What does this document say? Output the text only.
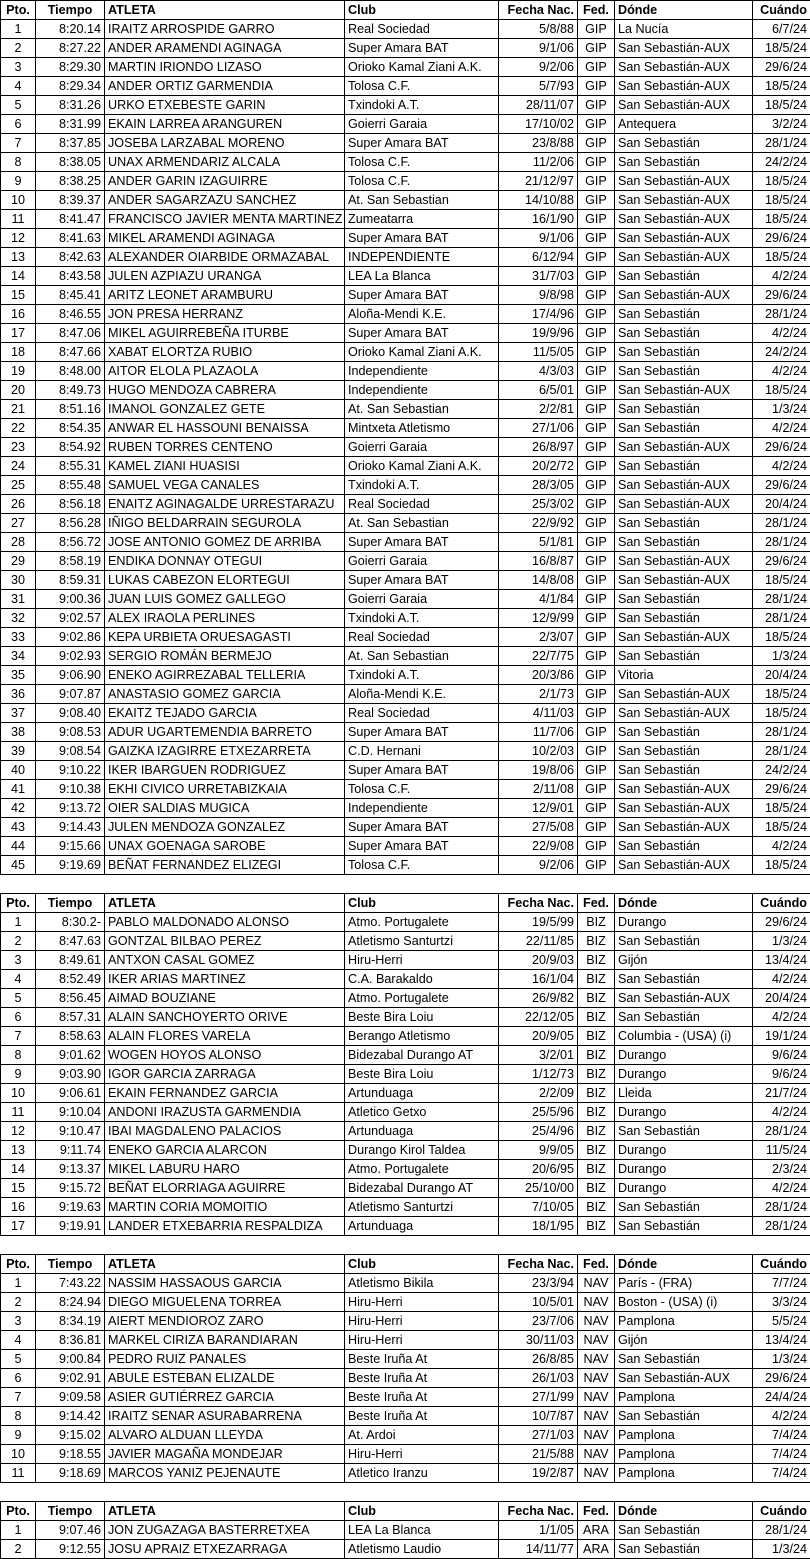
Pto.	Tiempo	ATLETA	Club	Fecha Nac.	Fed.	Dónde	Cuándo
1	8:20.14	IRAITZ ARROSPIDE GARRO	Real Sociedad	5/8/88	GIP	La Nucía	6/7/24
2	8:27.22	ANDER ARAMENDI AGINAGA	Super Amara BAT	9/1/06	GIP	San Sebastián-AUX	18/5/24
3	8:29.30	MARTIN IRIONDO LIZASO	Orioko Kamal Ziani A.K.	9/2/06	GIP	San Sebastián-AUX	29/6/24
4	8:29.34	ANDER ORTIZ GARMENDIA	Tolosa C.F.	5/7/93	GIP	San Sebastián-AUX	18/5/24
5	8:31.26	URKO ETXEBESTE GARIN	Txindoki A.T.	28/11/07	GIP	San Sebastián-AUX	18/5/24
6	8:31.99	EKAIN LARREA ARANGUREN	Goierri Garaia	17/10/02	GIP	Antequera	3/2/24
7	8:37.85	JOSEBA LARZABAL MORENO	Super Amara BAT	23/8/88	GIP	San Sebastián	28/1/24
8	8:38.05	UNAX ARMENDARIZ ALCALA	Tolosa C.F.	11/2/06	GIP	San Sebastián	24/2/24
9	8:38.25	ANDER GARIN IZAGUIRRE	Tolosa C.F.	21/12/97	GIP	San Sebastián-AUX	18/5/24
10	8:39.37	ANDER SAGARZAZU SANCHEZ	At. San Sebastian	14/10/88	GIP	San Sebastián-AUX	18/5/24
11	8:41.47	FRANCISCO JAVIER MENTA MARTINEZ	Zumeatarra	16/1/90	GIP	San Sebastián-AUX	18/5/24
12	8:41.63	MIKEL ARAMENDI AGINAGA	Super Amara BAT	9/1/06	GIP	San Sebastián-AUX	29/6/24
13	8:42.63	ALEXANDER OIARBIDE ORMAZABAL	INDEPENDIENTE	6/12/94	GIP	San Sebastián-AUX	18/5/24
14	8:43.58	JULEN AZPIAZU URANGA	LEA La Blanca	31/7/03	GIP	San Sebastián	4/2/24
15	8:45.41	ARITZ LEONET ARAMBURU	Super Amara BAT	9/8/98	GIP	San Sebastián-AUX	29/6/24
16	8:46.55	JON PRESA HERRANZ	Aloña-Mendi K.E.	17/4/96	GIP	San Sebastián	28/1/24
17	8:47.06	MIKEL AGUIRREBEÑA ITURBE	Super Amara BAT	19/9/96	GIP	San Sebastián	4/2/24
18	8:47.66	XABAT ELORTZA RUBIO	Orioko Kamal Ziani A.K.	11/5/05	GIP	San Sebastián	24/2/24
19	8:48.00	AITOR ELOLA PLAZAOLA	Independiente	4/3/03	GIP	San Sebastián	4/2/24
20	8:49.73	HUGO MENDOZA CABRERA	Independiente	6/5/01	GIP	San Sebastián-AUX	18/5/24
21	8:51.16	IMANOL GONZALEZ GETE	At. San Sebastian	2/2/81	GIP	San Sebastián	1/3/24
22	8:54.35	ANWAR EL HASSOUNI BENAISSA	Mintxeta Atletismo	27/1/06	GIP	San Sebastián	4/2/24
23	8:54.92	RUBEN TORRES CENTENO	Goierri Garaia	26/8/97	GIP	San Sebastián-AUX	29/6/24
24	8:55.31	KAMEL ZIANI HUASISI	Orioko Kamal Ziani A.K.	20/2/72	GIP	San Sebastián	4/2/24
25	8:55.48	SAMUEL VEGA CANALES	Txindoki A.T.	28/3/05	GIP	San Sebastián-AUX	29/6/24
26	8:56.18	ENAITZ AGINAGALDE URRESTARAZU	Real Sociedad	25/3/02	GIP	San Sebastián-AUX	20/4/24
27	8:56.28	IÑIGO BELDARRAIN SEGUROLA	At. San Sebastian	22/9/92	GIP	San Sebastián	28/1/24
28	8:56.72	JOSE ANTONIO GOMEZ DE ARRIBA	Super Amara BAT	5/1/81	GIP	San Sebastián	28/1/24
29	8:58.19	ENDIKA DONNAY OTEGUI	Goierri Garaia	16/8/87	GIP	San Sebastián-AUX	29/6/24
30	8:59.31	LUKAS CABEZON ELORTEGUI	Super Amara BAT	14/8/08	GIP	San Sebastián-AUX	18/5/24
31	9:00.36	JUAN LUIS GOMEZ GALLEGO	Goierri Garaia	4/1/84	GIP	San Sebastián	28/1/24
32	9:02.57	ALEX IRAOLA PERLINES	Txindoki A.T.	12/9/99	GIP	San Sebastián	28/1/24
33	9:02.86	KEPA URBIETA ORUESAGASTI	Real Sociedad	2/3/07	GIP	San Sebastián-AUX	18/5/24
34	9:02.93	SERGIO ROMÁN BERMEJO	At. San Sebastian	22/7/75	GIP	San Sebastián	1/3/24
35	9:06.90	ENEKO AGIRREZABAL TELLERIA	Txindoki A.T.	20/3/86	GIP	Vitoria	20/4/24
36	9:07.87	ANASTASIO GOMEZ GARCIA	Aloña-Mendi K.E.	2/1/73	GIP	San Sebastián-AUX	18/5/24
37	9:08.40	EKAITZ TEJADO GARCIA	Real Sociedad	4/11/03	GIP	San Sebastián-AUX	18/5/24
38	9:08.53	ADUR UGARTEMENDIA BARRETO	Super Amara BAT	11/7/06	GIP	San Sebastián	28/1/24
39	9:08.54	GAIZKA IZAGIRRE ETXEZARRETA	C.D. Hernani	10/2/03	GIP	San Sebastián	28/1/24
40	9:10.22	IKER IBARGUEN RODRIGUEZ	Super Amara BAT	19/8/06	GIP	San Sebastián	24/2/24
41	9:10.38	EKHI CIVICO URRETABIZKAIA	Tolosa C.F.	2/11/08	GIP	San Sebastián-AUX	29/6/24
42	9:13.72	OIER SALDIAS MUGICA	Independiente	12/9/01	GIP	San Sebastián-AUX	18/5/24
43	9:14.43	JULEN MENDOZA GONZALEZ	Super Amara BAT	27/5/08	GIP	San Sebastián-AUX	18/5/24
44	9:15.66	UNAX GOENAGA SAROBE	Super Amara BAT	22/9/08	GIP	San Sebastián	4/2/24
45	9:19.69	BEÑAT FERNANDEZ ELIZEGI	Tolosa C.F.	9/2/06	GIP	San Sebastián-AUX	18/5/24

Pto.	Tiempo	ATLETA	Club	Fecha Nac.	Fed.	Dónde	Cuándo
1	8:30.2-	PABLO MALDONADO ALONSO	Atmo. Portugalete	19/5/99	BIZ	Durango	29/6/24
2	8:47.63	GONTZAL BILBAO PEREZ	Atletismo Santurtzi	22/11/85	BIZ	San Sebastián	1/3/24
3	8:49.61	ANTXON CASAL GOMEZ	Hiru-Herri	20/9/03	BIZ	Gijón	13/4/24
4	8:52.49	IKER ARIAS MARTINEZ	C.A. Barakaldo	16/1/04	BIZ	San Sebastián	4/2/24
5	8:56.45	AIMAD BOUZIANE	Atmo. Portugalete	26/9/82	BIZ	San Sebastián-AUX	20/4/24
6	8:57.31	ALAIN SANCHOYERTO ORIVE	Beste Bira Loiu	22/12/05	BIZ	San Sebastián	4/2/24
7	8:58.63	ALAIN FLORES VARELA	Berango Atletismo	20/9/05	BIZ	Columbia - (USA) (i)	19/1/24
8	9:01.62	WOGEN HOYOS ALONSO	Bidezabal Durango AT	3/2/01	BIZ	Durango	9/6/24
9	9:03.90	IGOR GARCIA ZARRAGA	Beste Bira Loiu	1/12/73	BIZ	Durango	9/6/24
10	9:06.61	EKAIN FERNANDEZ GARCIA	Artunduaga	2/2/09	BIZ	Lleida	21/7/24
11	9:10.04	ANDONI IRAZUSTA GARMENDIA	Atletico Getxo	25/5/96	BIZ	Durango	4/2/24
12	9:10.47	IBAI MAGDALENO PALACIOS	Artunduaga	25/4/96	BIZ	San Sebastián	28/1/24
13	9:11.74	ENEKO GARCIA ALARCON	Durango Kirol Taldea	9/9/05	BIZ	Durango	11/5/24
14	9:13.37	MIKEL LABURU HARO	Atmo. Portugalete	20/6/95	BIZ	Durango	2/3/24
15	9:15.72	BEÑAT ELORRIAGA AGUIRRE	Bidezabal Durango AT	25/10/00	BIZ	Durango	4/2/24
16	9:19.63	MARTIN CORIA MOMOITIO	Atletismo Santurtzi	7/10/05	BIZ	San Sebastián	28/1/24
17	9:19.91	LANDER ETXEBARRIA RESPALDIZA	Artunduaga	18/1/95	BIZ	San Sebastián	28/1/24

Pto.	Tiempo	ATLETA	Club	Fecha Nac.	Fed.	Dónde	Cuándo
1	7:43.22	NASSIM HASSAOUS GARCIA	Atletismo Bikila	23/3/94	NAV	París - (FRA)	7/7/24
2	8:24.94	DIEGO MIGUELENA TORREA	Hiru-Herri	10/5/01	NAV	Boston - (USA) (i)	3/3/24
3	8:34.19	AIERT MENDIOROZ ZARO	Hiru-Herri	23/7/06	NAV	Pamplona	5/5/24
4	8:36.81	MARKEL CIRIZA BARANDIARAN	Hiru-Herri	30/11/03	NAV	Gijón	13/4/24
5	9:00.84	PEDRO RUIZ PANALES	Beste Iruña At	26/8/85	NAV	San Sebastián	1/3/24
6	9:02.91	ABULE ESTEBAN ELIZALDE	Beste Iruña At	26/1/03	NAV	San Sebastián-AUX	29/6/24
7	9:09.58	ASIER GUTIÉRREZ GARCIA	Beste Iruña At	27/1/99	NAV	Pamplona	24/4/24
8	9:14.42	IRAITZ SENAR ASURABARRENA	Beste Iruña At	10/7/87	NAV	San Sebastián	4/2/24
9	9:15.02	ALVARO ALDUAN LLEYDA	At. Ardoi	27/1/03	NAV	Pamplona	7/4/24
10	9:18.55	JAVIER MAGAÑA MONDEJAR	Hiru-Herri	21/5/88	NAV	Pamplona	7/4/24
11	9:18.69	MARCOS YANIZ PEJENAUTE	Atletico Iranzu	19/2/87	NAV	Pamplona	7/4/24

Pto.	Tiempo	ATLETA	Club	Fecha Nac.	Fed.	Dónde	Cuándo
1	9:07.46	JON ZUGAZAGA BASTERRETXEA	LEA La Blanca	1/1/05	ARA	San Sebastián	28/1/24
2	9:12.55	JOSU APRAIZ ETXEZARRAGA	Atletismo Laudio	14/11/77	ARA	San Sebastián	1/3/24
